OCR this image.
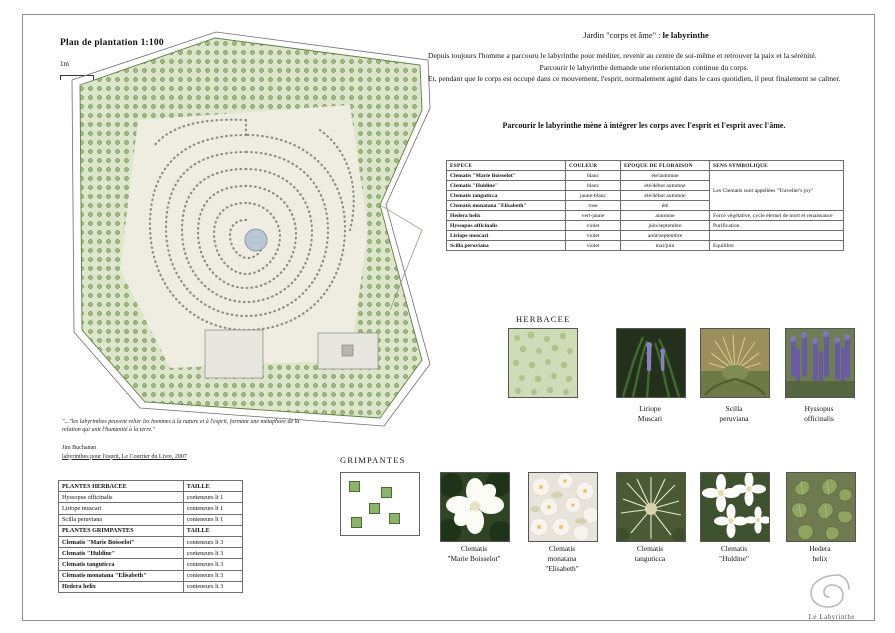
Plan de plantation 1:100
1m
"..."les labyrinthes peuvent relier les hommes à la nature et à l'esprit, formant une métaphore de la relation qui unit l'humanité à la terre."
Jim Buchanan
labyrinthes pour l'esprit, Le Courrier du Livre, 2007
PLANTES HERBACEE	TAILLE
Hyssopus officinalis	conteneurs lt 1
Liriope muscari	conteneurs lt 1
Scilla peruviana	conteneurs lt 1
PLANTES GRIMPANTES	TAILLE
Clematis "Marie Boisselot"	conteneurs lt 3
Clematis "Huldine"	conteneurs lt 3
Clematis tanguticca	conteneurs lt 3
Clematis monatana "Elisabeth"	conteneurs lt 3
Hedera helix	conteneurs lt 3
Jardin "corps et âme" : le labyrinthe

Depuis toujours l'homme a parcouru le labyrinthe pour méditer, revenir au centre de soi-même et retrouver la paix et la sérénité.

Parcourir le labyrinthe demande une réorientation continue du corps.

Et, pendant que le corps est occupé dans ce mouvement, l'esprit, normalement agité dans le caos quotidien, il peut finalement se calmer.

Parcourir le labyrinthe mène à intégrer les corps avec l'esprit et l'esprit avec l'âme.
ESPECE	COULEUR	EPOQUE DE FLORAISON	SENS SYMBOLIQUE
Clematis "Marie Boisselot"	blanc	été/automne	Les Clematis sont appellées "Traveller's joy"
Clematis "Huldine"	blanc	été/début automne	
Clematis tanguticca	jaune-blanc	été/début automne	
Clematis monatana "Elisabeth"	rose	été	
Hedera helix	vert-jaune	automne	Force végétative, cycle éternel de mort et renaissance
Hyssopus officinalis	violet	juin/septembre	Purification
Liriope muscari	violet	août/septembre	
Scilla peruviana	violet	mai/juin	Equilibre
HERBACEE
Liriope
Muscari
Scilla
peruviana
Hyssopus
officinalis
GRIMPANTES
Clematis
"Marie Boisselot"
Clematis
monatana
"Elisabeth"
Clematis
tanguticca
Clematis
"Huldine"
Hedera
helix
Le Labyrinthe
